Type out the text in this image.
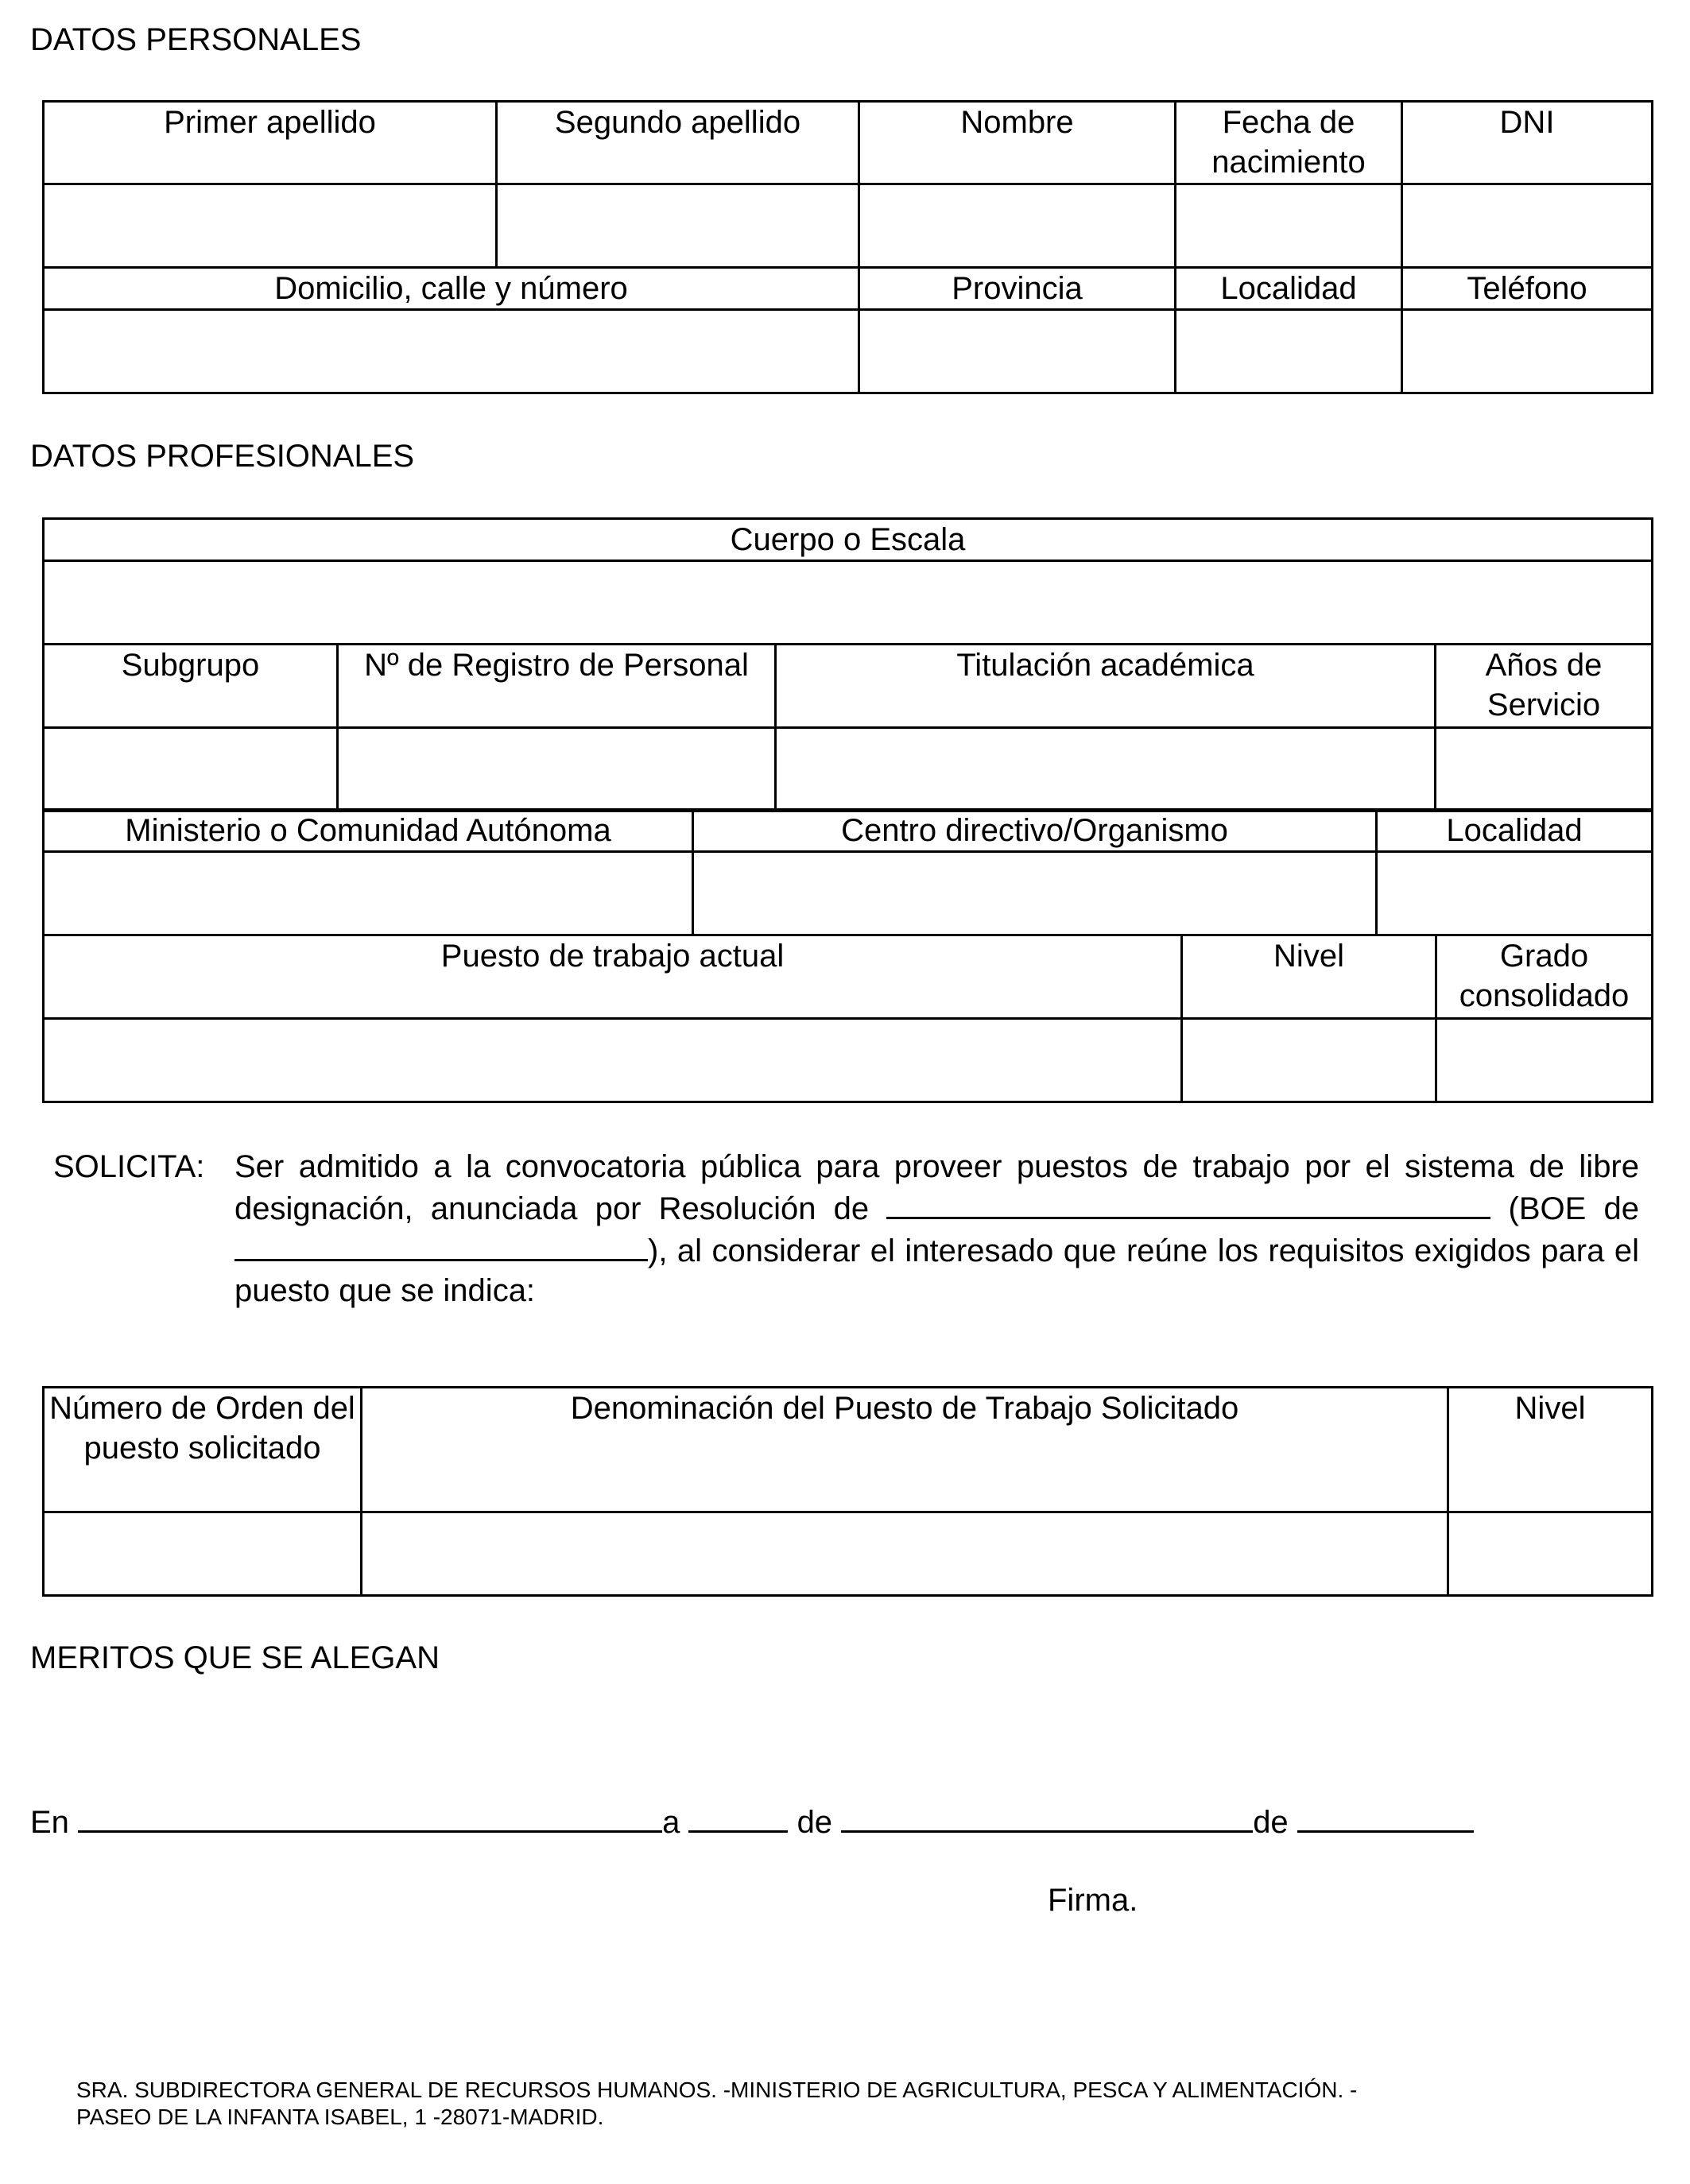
DATOS PERSONALES
Primer apellido	Segundo apellido	Nombre	Fecha de nacimiento	DNI

Domicilio, calle y número		Provincia	Localidad	Teléfono

DATOS PROFESIONALES
Cuerpo o Escala			

Subgrupo	Nº de Registro de Personal	Titulación académica	Años de Servicio

Ministerio o Comunidad Autónoma	Centro directivo/Organismo	Localidad

Puesto de trabajo actual	Nivel	Grado consolidado

SOLICITA: Ser admitido a la convocatoria pública para proveer puestos de trabajo por el sistema de libre designación, anunciada por Resolución de	(BOE de), al considerar el interesado que reúne los requisitos exigidos para el puesto que se indica:
Número de Orden del puesto solicitado	Denominación del Puesto de Trabajo Solicitado	Nivel

MERITOS QUE SE ALEGAN
En	a	de	de
Firma.
SRA. SUBDIRECTORA GENERAL DE RECURSOS HUMANOS. -MINISTERIO DE AGRICULTURA, PESCA Y ALIMENTACIÓN. -
PASEO DE LA INFANTA ISABEL, 1 -28071-MADRID.
